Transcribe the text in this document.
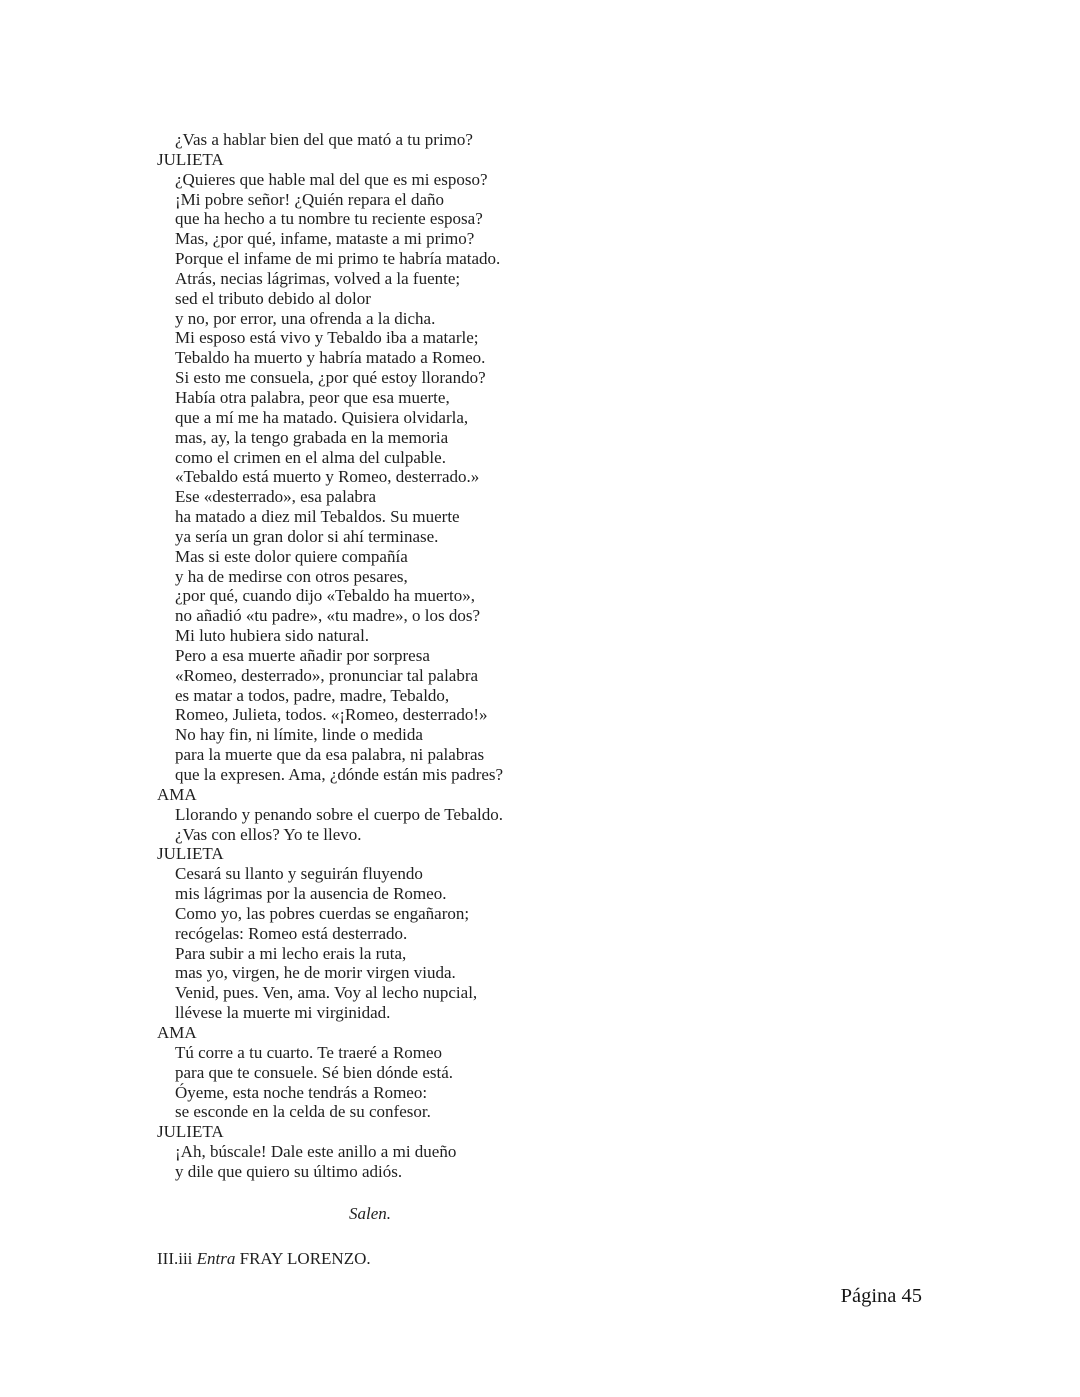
¿Vas a hablar bien del que mató a tu primo?
JULIETA
¿Quieres que hable mal del que es mi esposo?
¡Mi pobre señor! ¿Quién repara el daño
que ha hecho a tu nombre tu reciente esposa?
Mas, ¿por qué, infame, mataste a mi primo?
Porque el infame de mi primo te habría matado.
Atrás, necias lágrimas, volved a la fuente;
sed el tributo debido al dolor
y no, por error, una ofrenda a la dicha.
Mi esposo está vivo y Tebaldo iba a matarle;
Tebaldo ha muerto y habría matado a Romeo.
Si esto me consuela, ¿por qué estoy llorando?
Había otra palabra, peor que esa muerte,
que a mí me ha matado. Quisiera olvidarla,
mas, ay, la tengo grabada en la memoria
como el crimen en el alma del culpable.
«Tebaldo está muerto y Romeo, desterrado.»
Ese «desterrado», esa palabra
ha matado a diez mil Tebaldos. Su muerte
ya sería un gran dolor si ahí terminase.
Mas si este dolor quiere compañía
y ha de medirse con otros pesares,
¿por qué, cuando dijo «Tebaldo ha muerto»,
no añadió «tu padre», «tu madre», o los dos?
Mi luto hubiera sido natural.
Pero a esa muerte añadir por sorpresa
«Romeo, desterrado», pronunciar tal palabra
es matar a todos, padre, madre, Tebaldo,
Romeo, Julieta, todos. «¡Romeo, desterrado!»
No hay fin, ni límite, linde o medida
para la muerte que da esa palabra, ni palabras
que la expresen. Ama, ¿dónde están mis padres?
AMA
Llorando y penando sobre el cuerpo de Tebaldo.
¿Vas con ellos? Yo te llevo.
JULIETA
Cesará su llanto y seguirán fluyendo
mis lágrimas por la ausencia de Romeo.
Como yo, las pobres cuerdas se engañaron;
recógelas: Romeo está desterrado.
Para subir a mi lecho erais la ruta,
mas yo, virgen, he de morir virgen viuda.
Venid, pues. Ven, ama. Voy al lecho nupcial,
llévese la muerte mi virginidad.
AMA
Tú corre a tu cuarto. Te traeré a Romeo
para que te consuele. Sé bien dónde está.
Óyeme, esta noche tendrás a Romeo:
se esconde en la celda de su confesor.
JULIETA
¡Ah, búscale! Dale este anillo a mi dueño
y dile que quiero su último adiós.
Salen.
III.iii Entra FRAY LORENZO.
Página 45
